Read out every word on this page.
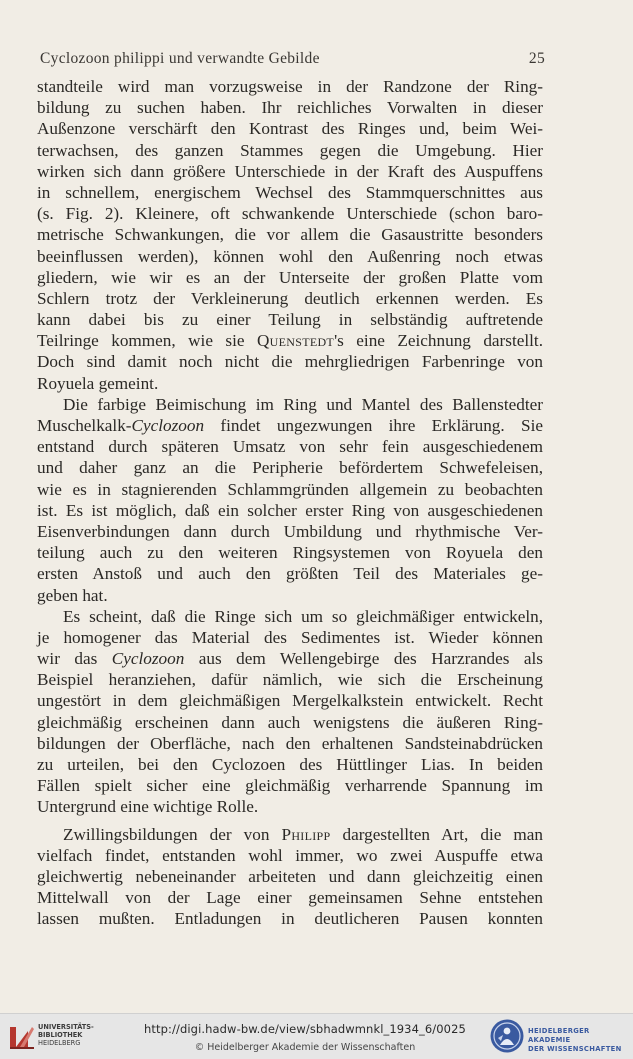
Cyclozoon philippi und verwandte Gebilde	25
standteile wird man vorzugsweise in der Randzone der Ring-
bildung zu suchen haben. Ihr reichliches Vorwalten in dieser
Außenzone verschärft den Kontrast des Ringes und, beim Wei-
terwachsen, des ganzen Stammes gegen die Umgebung. Hier
wirken sich dann größere Unterschiede in der Kraft des Auspuffens
in schnellem, energischem Wechsel des Stammquerschnittes aus
(s. Fig. 2). Kleinere, oft schwankende Unterschiede (schon baro-
metrische Schwankungen, die vor allem die Gasaustritte besonders
beeinflussen werden), können wohl den Außenring noch etwas
gliedern, wie wir es an der Unterseite der großen Platte vom
Schlern trotz der Verkleinerung deutlich erkennen werden. Es
kann dabei bis zu einer Teilung in selbständig auftretende
Teilringe kommen, wie sie Quenstedt's eine Zeichnung darstellt.
Doch sind damit noch nicht die mehrgliedrigen Farbenringe von
Royuela gemeint.
Die farbige Beimischung im Ring und Mantel des Ballenstedter
Muschelkalk-Cyclozoon findet ungezwungen ihre Erklärung. Sie
entstand durch späteren Umsatz von sehr fein ausgeschiedenem
und daher ganz an die Peripherie befördertem Schwefeleisen,
wie es in stagnierenden Schlammgründen allgemein zu beobachten
ist. Es ist möglich, daß ein solcher erster Ring von ausgeschiedenen
Eisenverbindungen dann durch Umbildung und rhythmische Ver-
teilung auch zu den weiteren Ringsystemen von Royuela den
ersten Anstoß und auch den größten Teil des Materiales ge-
geben hat.
Es scheint, daß die Ringe sich um so gleichmäßiger entwickeln,
je homogener das Material des Sedimentes ist. Wieder können
wir das Cyclozoon aus dem Wellengebirge des Harzrandes als
Beispiel heranziehen, dafür nämlich, wie sich die Erscheinung
ungestört in dem gleichmäßigen Mergelkalkstein entwickelt. Recht
gleichmäßig erscheinen dann auch wenigstens die äußeren Ring-
bildungen der Oberfläche, nach den erhaltenen Sandsteinabdrücken
zu urteilen, bei den Cyclozoen des Hüttlinger Lias. In beiden
Fällen spielt sicher eine gleichmäßig verharrende Spannung im
Untergrund eine wichtige Rolle.
Zwillingsbildungen der von Philipp dargestellten Art, die man
vielfach findet, entstanden wohl immer, wo zwei Auspuffe etwa
gleichwertig nebeneinander arbeiteten und dann gleichzeitig einen
Mittelwall von der Lage einer gemeinsamen Sehne entstehen
lassen mußten. Entladungen in deutlicheren Pausen konnten
UNIVERSITÄTS-
BIBLIOTHEK
HEIDELBERG
http://digi.hadw-bw.de/view/sbhadwmnkl_1934_6/0025
© Heidelberger Akademie der Wissenschaften
HEIDELBERGER AKADEMIE
DER WISSENSCHAFTEN
